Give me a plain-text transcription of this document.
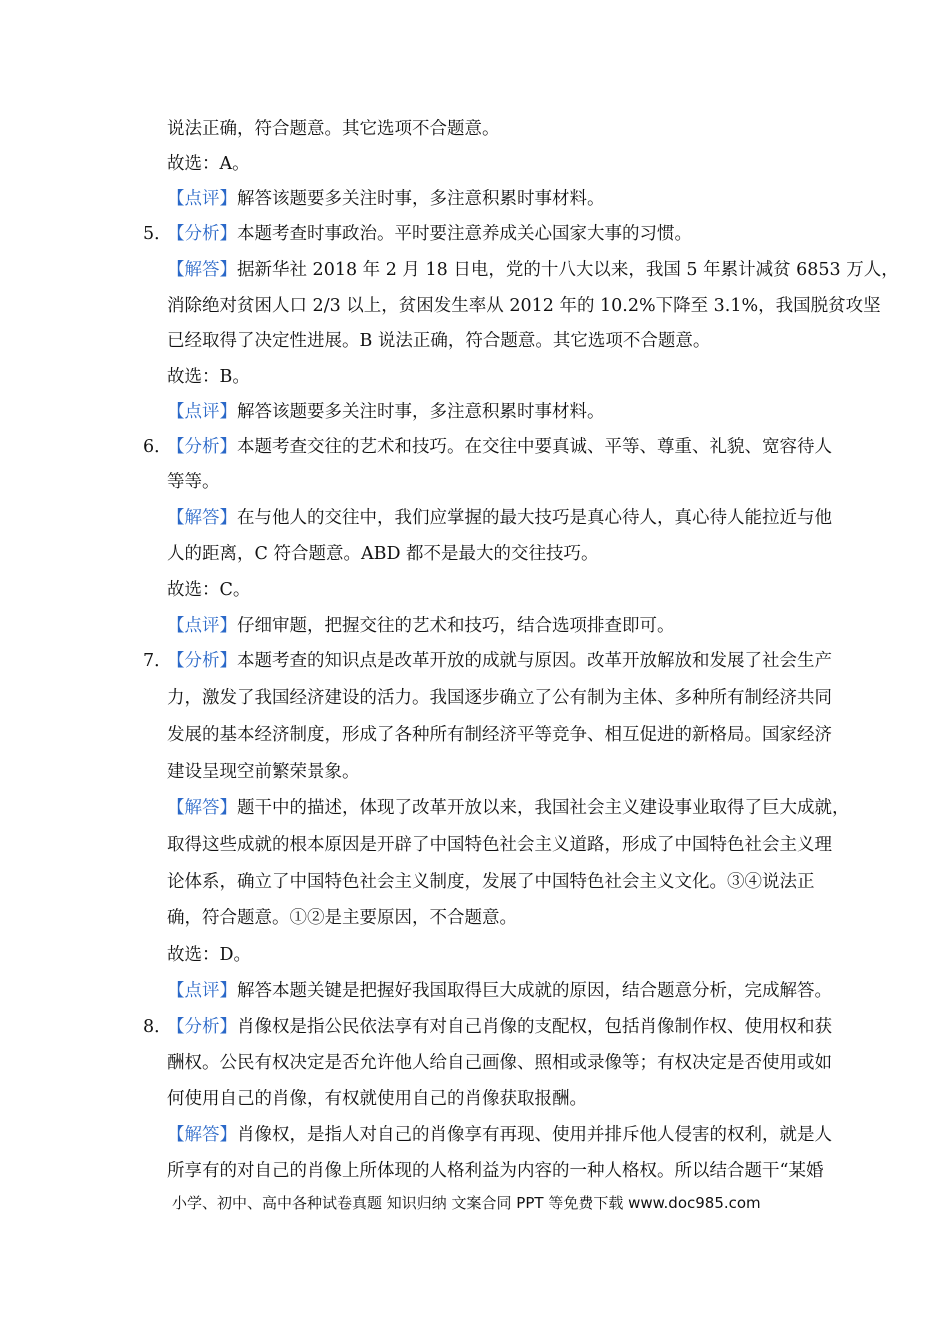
说法正确，符合题意。其它选项不合题意。
故选：A。
【点评】解答该题要多关注时事，多注意积累时事材料。
5．
【分析】本题考查时事政治。平时要注意养成关心国家大事的习惯。
【解答】据新华社 2018 年 2 月 18 日电，党的十八大以来，我国 5 年累计减贫 6853 万人，
消除绝对贫困人口 2/3 以上，贫困发生率从 2012 年的 10.2%下降至 3.1%，我国脱贫攻坚
已经取得了决定性进展。B 说法正确，符合题意。其它选项不合题意。
故选：B。
【点评】解答该题要多关注时事，多注意积累时事材料。
6．
【分析】本题考查交往的艺术和技巧。在交往中要真诚、平等、尊重、礼貌、宽容待人
等等。
【解答】在与他人的交往中，我们应掌握的最大技巧是真心待人，真心待人能拉近与他
人的距离，C 符合题意。ABD 都不是最大的交往技巧。
故选：C。
【点评】仔细审题，把握交往的艺术和技巧，结合选项排查即可。
7．
【分析】本题考查的知识点是改革开放的成就与原因。改革开放解放和发展了社会生产
力，激发了我国经济建设的活力。我国逐步确立了公有制为主体、多种所有制经济共同
发展的基本经济制度，形成了各种所有制经济平等竞争、相互促进的新格局。国家经济
建设呈现空前繁荣景象。
【解答】题干中的描述，体现了改革开放以来，我国社会主义建设事业取得了巨大成就，
取得这些成就的根本原因是开辟了中国特色社会主义道路，形成了中国特色社会主义理
论体系，确立了中国特色社会主义制度，发展了中国特色社会主义文化。③④说法正
确，符合题意。①②是主要原因，不合题意。
故选：D。
【点评】解答本题关键是把握好我国取得巨大成就的原因，结合题意分析，完成解答。
8．
【分析】肖像权是指公民依法享有对自己肖像的支配权，包括肖像制作权、使用权和获
酬权。公民有权决定是否允许他人给自己画像、照相或录像等；有权决定是否使用或如
何使用自己的肖像，有权就使用自己的肖像获取报酬。
【解答】肖像权，是指人对自己的肖像享有再现、使用并排斥他人侵害的权利，就是人
所享有的对自己的肖像上所体现的人格利益为内容的一种人格权。所以结合题干“某婚
小学、初中、高中各种试卷真题 知识归纳 文案合同 PPT 等免费下载 www.doc985.com
